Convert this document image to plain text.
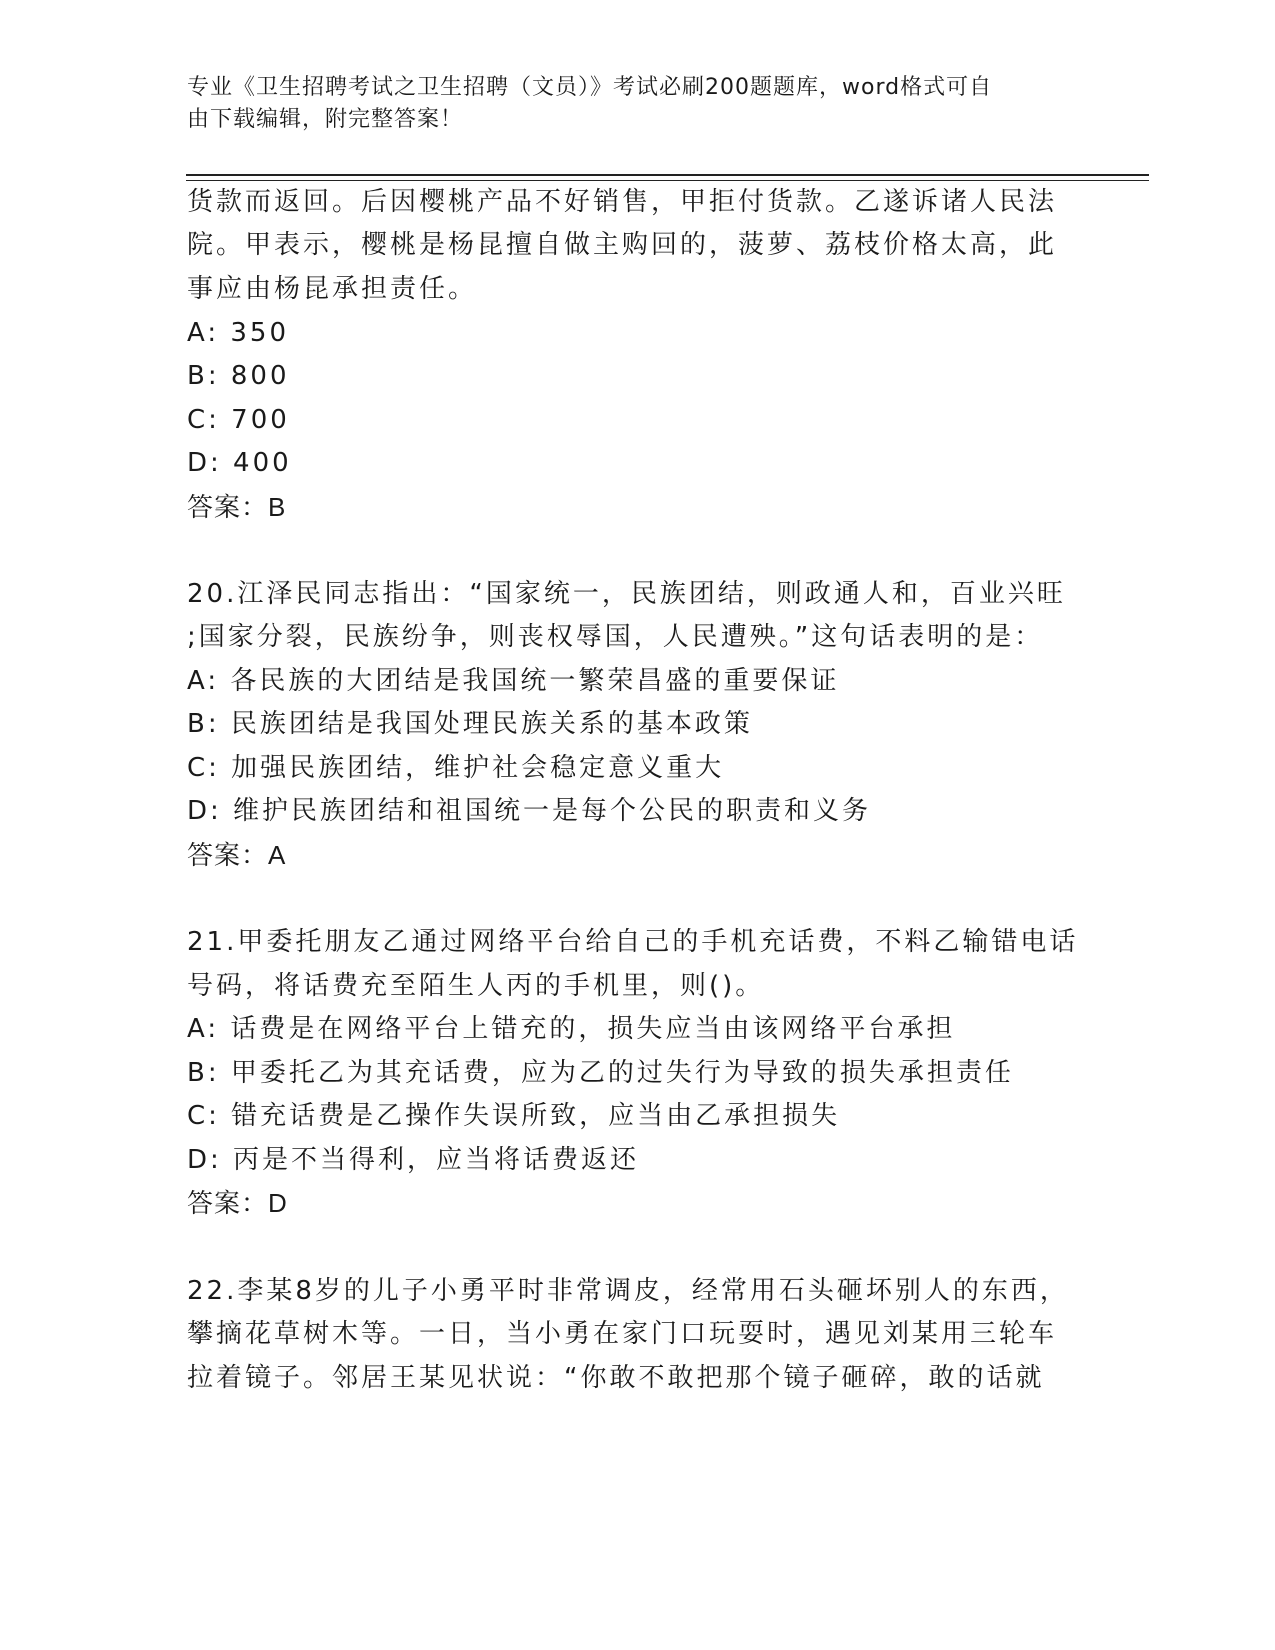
专业《卫生招聘考试之卫生招聘（文员）》考试必刷200题题库，word格式可自

由下载编辑，附完整答案！

货款而返回。后因樱桃产品不好销售，甲拒付货款。乙遂诉诸人民法
院。甲表示，樱桃是杨昆擅自做主购回的，菠萝、荔枝价格太高，此
事应由杨昆承担责任。
A: 350
B: 800
C: 700
D: 400
答案：B
20.江泽民同志指出：“国家统一，民族团结，则政通人和，百业兴旺
;国家分裂，民族纷争，则丧权辱国，人民遭殃。”这句话表明的是：
A: 各民族的大团结是我国统一繁荣昌盛的重要保证
B: 民族团结是我国处理民族关系的基本政策
C: 加强民族团结，维护社会稳定意义重大
D: 维护民族团结和祖国统一是每个公民的职责和义务
答案：A
21.甲委托朋友乙通过网络平台给自己的手机充话费，不料乙输错电话
号码，将话费充至陌生人丙的手机里，则()。
A: 话费是在网络平台上错充的，损失应当由该网络平台承担
B: 甲委托乙为其充话费，应为乙的过失行为导致的损失承担责任
C: 错充话费是乙操作失误所致，应当由乙承担损失
D: 丙是不当得利，应当将话费返还
答案：D
22.李某8岁的儿子小勇平时非常调皮，经常用石头砸坏别人的东西，
攀摘花草树木等。一日，当小勇在家门口玩耍时，遇见刘某用三轮车
拉着镜子。邻居王某见状说：“你敢不敢把那个镜子砸碎，敢的话就
